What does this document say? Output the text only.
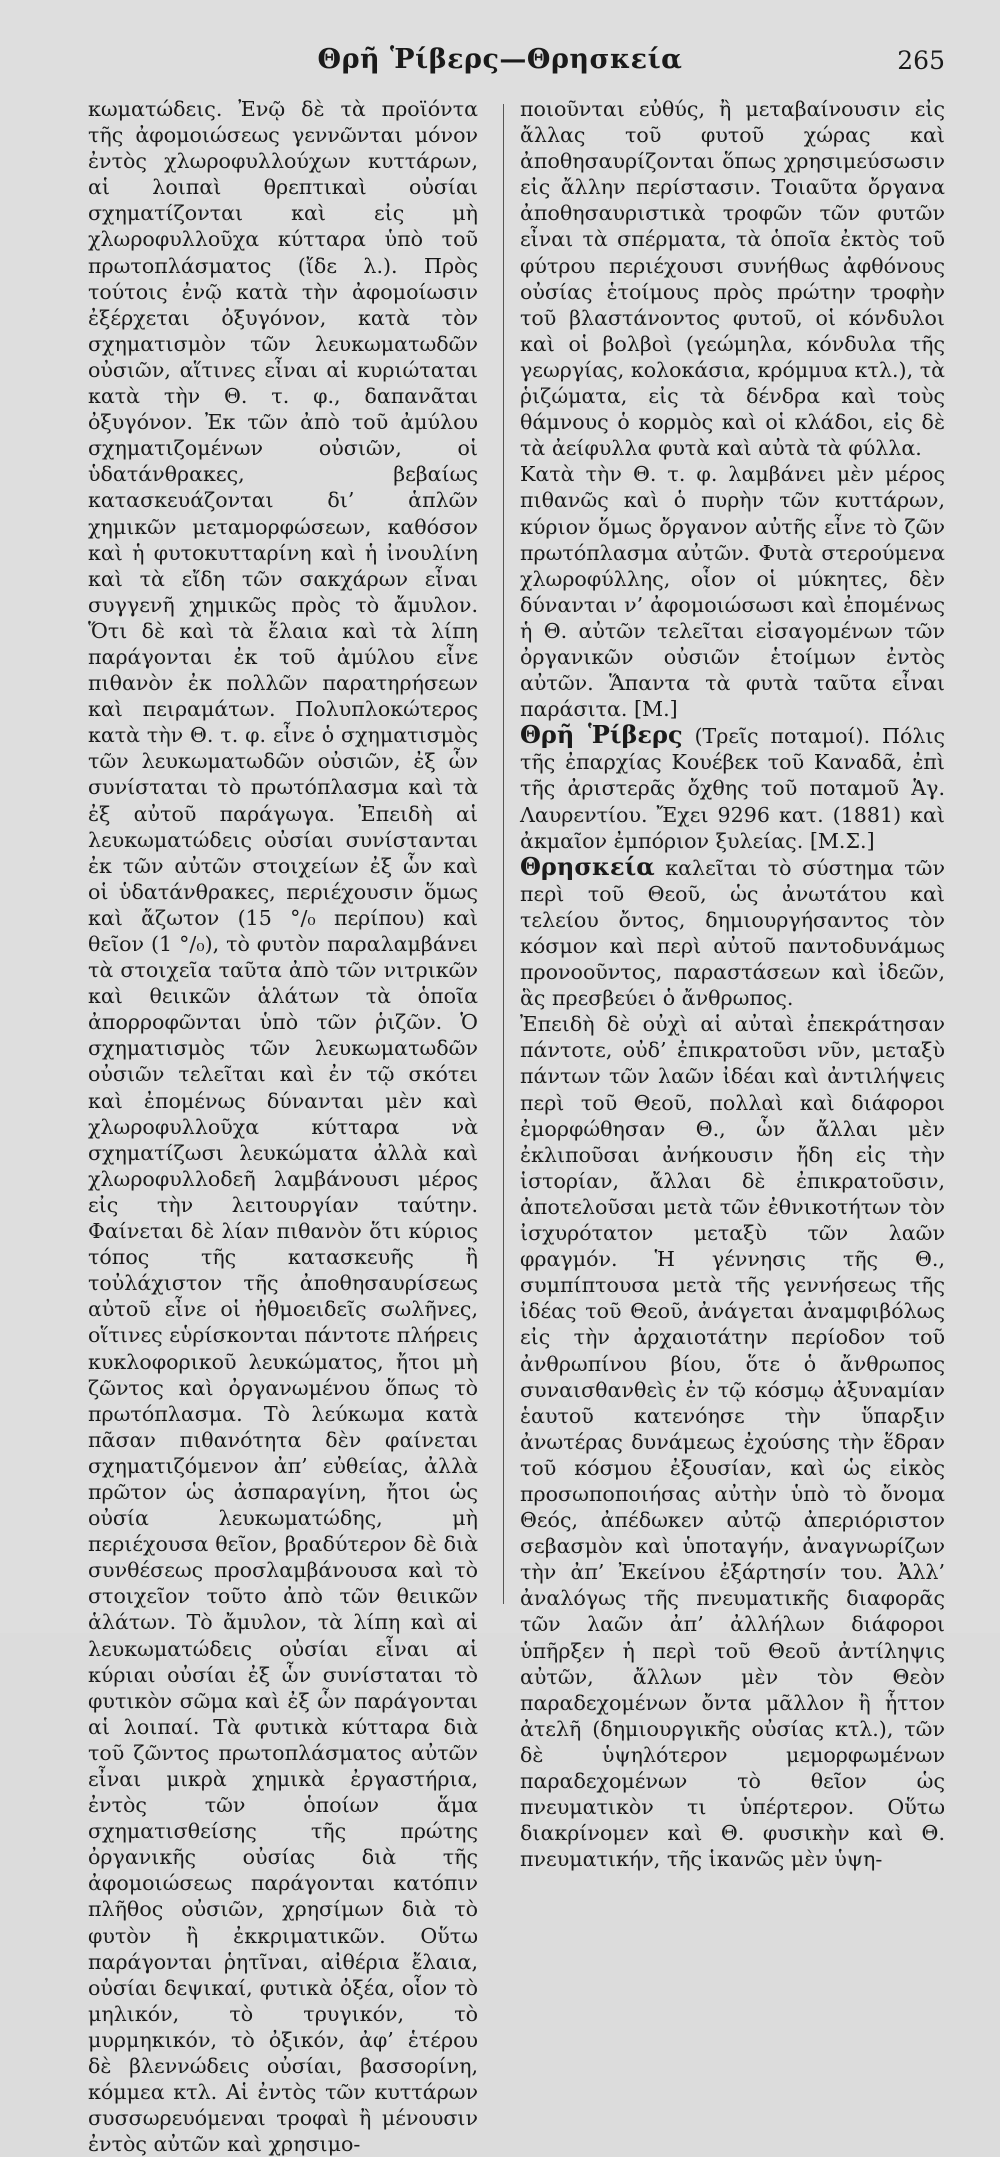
Θρῆ Ῥίβερς—Θρησκεία	265

κωματώδεις. Ἐνῷ δὲ τὰ προϊόντα τῆς ἀφομοιώσεως γεννῶνται μόνον ἐντὸς χλωροφυλλούχων κυττάρων, αἱ λοιπαὶ θρεπτικαὶ οὐσίαι σχηματίζονται καὶ εἰς μὴ χλωροφυλλοῦχα κύτταρα ὑπὸ τοῦ πρωτοπλάσματος (ἴδε λ.). Πρὸς τούτοις ἐνῷ κατὰ τὴν ἀφομοίωσιν ἐξέρχεται ὀξυγόνον, κατὰ τὸν σχηματισμὸν τῶν λευκωματωδῶν οὐσιῶν, αἵτινες εἶναι αἱ κυριώταται κατὰ τὴν Θ. τ. φ., δαπανᾶται ὀξυγόνον. Ἐκ τῶν ἀπὸ τοῦ ἀμύλου σχηματιζομένων οὐσιῶν, οἱ ὑδατάνθρακες, βεβαίως κατασκευάζονται δι’ ἁπλῶν χημικῶν μεταμορφώσεων, καθόσον καὶ ἡ φυτοκυτταρίνη καὶ ἡ ἰνουλίνη καὶ τὰ εἴδη τῶν σακχάρων εἶναι συγγενῆ χημικῶς πρὸς τὸ ἄμυλον. Ὅτι δὲ καὶ τὰ ἔλαια καὶ τὰ λίπη παράγονται ἐκ τοῦ ἀμύλου εἶνε πιθανὸν ἐκ πολλῶν παρατηρήσεων καὶ πειραμάτων. Πολυπλοκώτερος κατὰ τὴν Θ. τ. φ. εἶνε ὁ σχηματισμὸς τῶν λευκωματωδῶν οὐσιῶν, ἐξ ὧν συνίσταται τὸ πρωτόπλασμα καὶ τὰ ἐξ αὐτοῦ παράγωγα. Ἐπειδὴ αἱ λευκωματώδεις οὐσίαι συνίστανται ἐκ τῶν αὐτῶν στοιχείων ἐξ ὧν καὶ οἱ ὑδατάνθρακες, περιέχουσιν ὅμως καὶ ἄζωτον (15 °/₀ περίπου) καὶ θεῖον (1 °/₀), τὸ φυτὸν παραλαμβάνει τὰ στοιχεῖα ταῦτα ἀπὸ τῶν νιτρικῶν καὶ θειικῶν ἁλάτων τὰ ὁποῖα ἀπορροφῶνται ὑπὸ τῶν ῥιζῶν. Ὁ σχηματισμὸς τῶν λευκωματωδῶν οὐσιῶν τελεῖται καὶ ἐν τῷ σκότει καὶ ἐπομένως δύνανται μὲν καὶ χλωροφυλλοῦχα κύτταρα νὰ σχηματίζωσι λευκώματα ἀλλὰ καὶ χλωροφυλλοδεῆ λαμβάνουσι μέρος εἰς τὴν λειτουργίαν ταύτην. Φαίνεται δὲ λίαν πιθανὸν ὅτι κύριος τόπος τῆς κατασκευῆς ἢ τοὐλάχιστον τῆς ἀποθησαυρίσεως αὐτοῦ εἶνε οἱ ἠθμοειδεῖς σωλῆνες, οἵτινες εὑρίσκονται πάντοτε πλήρεις κυκλοφορικοῦ λευκώματος, ἤτοι μὴ ζῶντος καὶ ὀργανωμένου ὅπως τὸ πρωτόπλασμα. Τὸ λεύκωμα κατὰ πᾶσαν πιθανότητα δὲν φαίνεται σχηματιζόμενον ἀπ’ εὐθείας, ἀλλὰ πρῶτον ὡς ἀσπαραγίνη, ἤτοι ὡς οὐσία λευκωματώδης, μὴ περιέχουσα θεῖον, βραδύτερον δὲ διὰ συνθέσεως προσλαμβάνουσα καὶ τὸ στοιχεῖον τοῦτο ἀπὸ τῶν θειικῶν ἁλάτων. Τὸ ἄμυλον, τὰ λίπη καὶ αἱ λευκωματώδεις οὐσίαι εἶναι αἱ κύριαι οὐσίαι ἐξ ὧν συνίσταται τὸ φυτικὸν σῶμα καὶ ἐξ ὧν παράγονται αἱ λοιπαί. Τὰ φυτικὰ κύτταρα διὰ τοῦ ζῶντος πρωτοπλάσματος αὐτῶν εἶναι μικρὰ χημικὰ ἐργαστήρια, ἐντὸς τῶν ὁποίων ἅμα σχηματισθείσης τῆς πρώτης ὀργανικῆς οὐσίας διὰ τῆς ἀφομοιώσεως παράγονται κατόπιν πλῆθος οὐσιῶν, χρησίμων διὰ τὸ φυτὸν ἢ ἐκκριματικῶν. Οὕτω παράγονται ῥητῖναι, αἰθέρια ἔλαια, οὐσίαι δεψικαί, φυτικὰ ὀξέα, οἷον τὸ μηλικόν, τὸ τρυγικόν, τὸ μυρμηκικόν, τὸ ὀξικόν, ἀφ’ ἑτέρου δὲ βλεννώδεις οὐσίαι, βασσορίνη, κόμμεα κτλ. Αἱ ἐντὸς τῶν κυττάρων συσσωρευόμεναι τροφαὶ ἢ μένουσιν ἐντὸς αὐτῶν καὶ χρησιμο-

ποιοῦνται εὐθύς, ἢ μεταβαίνουσιν εἰς ἄλλας τοῦ φυτοῦ χώρας καὶ ἀποθησαυρίζονται ὅπως χρησιμεύσωσιν εἰς ἄλλην περίστασιν. Τοιαῦτα ὄργανα ἀποθησαυριστικὰ τροφῶν τῶν φυτῶν εἶναι τὰ σπέρματα, τὰ ὁποῖα ἐκτὸς τοῦ φύτρου περιέχουσι συνήθως ἀφθόνους οὐσίας ἑτοίμους πρὸς πρώτην τροφὴν τοῦ βλαστάνοντος φυτοῦ, οἱ κόνδυλοι καὶ οἱ βολβοὶ (γεώμηλα, κόνδυλα τῆς γεωργίας, κολοκάσια, κρόμμυα κτλ.), τὰ ῥιζώματα, εἰς τὰ δένδρα καὶ τοὺς θάμνους ὁ κορμὸς καὶ οἱ κλάδοι, εἰς δὲ τὰ ἀείφυλλα φυτὰ καὶ αὐτὰ τὰ φύλλα.

Κατὰ τὴν Θ. τ. φ. λαμβάνει μὲν μέρος πιθανῶς καὶ ὁ πυρὴν τῶν κυττάρων, κύριον ὅμως ὄργανον αὐτῆς εἶνε τὸ ζῶν πρωτόπλασμα αὐτῶν. Φυτὰ στερούμενα χλωροφύλλης, οἷον οἱ μύκητες, δὲν δύνανται ν’ ἀφομοιώσωσι καὶ ἐπομένως ἡ Θ. αὐτῶν τελεῖται εἰσαγομένων τῶν ὀργανικῶν οὐσιῶν ἑτοίμων ἐντὸς αὐτῶν. Ἅπαντα τὰ φυτὰ ταῦτα εἶναι παράσιτα. [Μ.]

Θρῆ Ῥίβερς (Τρεῖς ποταμοί). Πόλις τῆς ἐπαρχίας Κουέβεκ τοῦ Καναδᾶ, ἐπὶ τῆς ἀριστερᾶς ὄχθης τοῦ ποταμοῦ Ἁγ. Λαυρεντίου. Ἔχει 9296 κατ. (1881) καὶ ἀκμαῖον ἐμπόριον ξυλείας. [Μ.Σ.]

Θρησκεία καλεῖται τὸ σύστημα τῶν περὶ τοῦ Θεοῦ, ὡς ἀνωτάτου καὶ τελείου ὄντος, δημιουργήσαντος τὸν κόσμον καὶ περὶ αὐτοῦ παντοδυνάμως προνοοῦντος, παραστάσεων καὶ ἰδεῶν, ἃς πρεσβεύει ὁ ἄνθρωπος.

Ἐπειδὴ δὲ οὐχὶ αἱ αὐταὶ ἐπεκράτησαν πάντοτε, οὐδ’ ἐπικρατοῦσι νῦν, μεταξὺ πάντων τῶν λαῶν ἰδέαι καὶ ἀντιλήψεις περὶ τοῦ Θεοῦ, πολλαὶ καὶ διάφοροι ἐμορφώθησαν Θ., ὧν ἄλλαι μὲν ἐκλιποῦσαι ἀνήκουσιν ἤδη εἰς τὴν ἱστορίαν, ἄλλαι δὲ ἐπικρατοῦσιν, ἀποτελοῦσαι μετὰ τῶν ἐθνικοτήτων τὸν ἰσχυρότατον μεταξὺ τῶν λαῶν φραγμόν. Ἡ γέννησις τῆς Θ., συμπίπτουσα μετὰ τῆς γεννήσεως τῆς ἰδέας τοῦ Θεοῦ, ἀνάγεται ἀναμφιβόλως εἰς τὴν ἀρχαιοτάτην περίοδον τοῦ ἀνθρωπίνου βίου, ὅτε ὁ ἄνθρωπος συναισθανθεὶς ἐν τῷ κόσμῳ ἀξυναμίαν ἑαυτοῦ κατενόησε τὴν ὕπαρξιν ἀνωτέρας δυνάμεως ἐχούσης τὴν ἕδραν τοῦ κόσμου ἐξουσίαν, καὶ ὡς εἰκὸς προσωποποιήσας αὐτὴν ὑπὸ τὸ ὄνομα Θεός, ἀπέδωκεν αὐτῷ ἀπεριόριστον σεβασμὸν καὶ ὑποταγήν, ἀναγνωρίζων τὴν ἀπ’ Ἐκείνου ἐξάρτησίν του. Ἀλλ’ ἀναλόγως τῆς πνευματικῆς διαφορᾶς τῶν λαῶν ἀπ’ ἀλλήλων διάφοροι ὑπῆρξεν ἡ περὶ τοῦ Θεοῦ ἀντίληψις αὐτῶν, ἄλλων μὲν τὸν Θεὸν παραδεχομένων ὄντα μᾶλλον ἢ ἧττον ἀτελῆ (δημιουργικῆς οὐσίας κτλ.), τῶν δὲ ὑψηλότερον μεμορφωμένων παραδεχομένων τὸ θεῖον ὡς πνευματικὸν τι ὑπέρτερον. Οὕτω διακρίνομεν καὶ Θ. φυσικὴν καὶ Θ. πνευματικήν, τῆς ἱκανῶς μὲν ὑψη-
